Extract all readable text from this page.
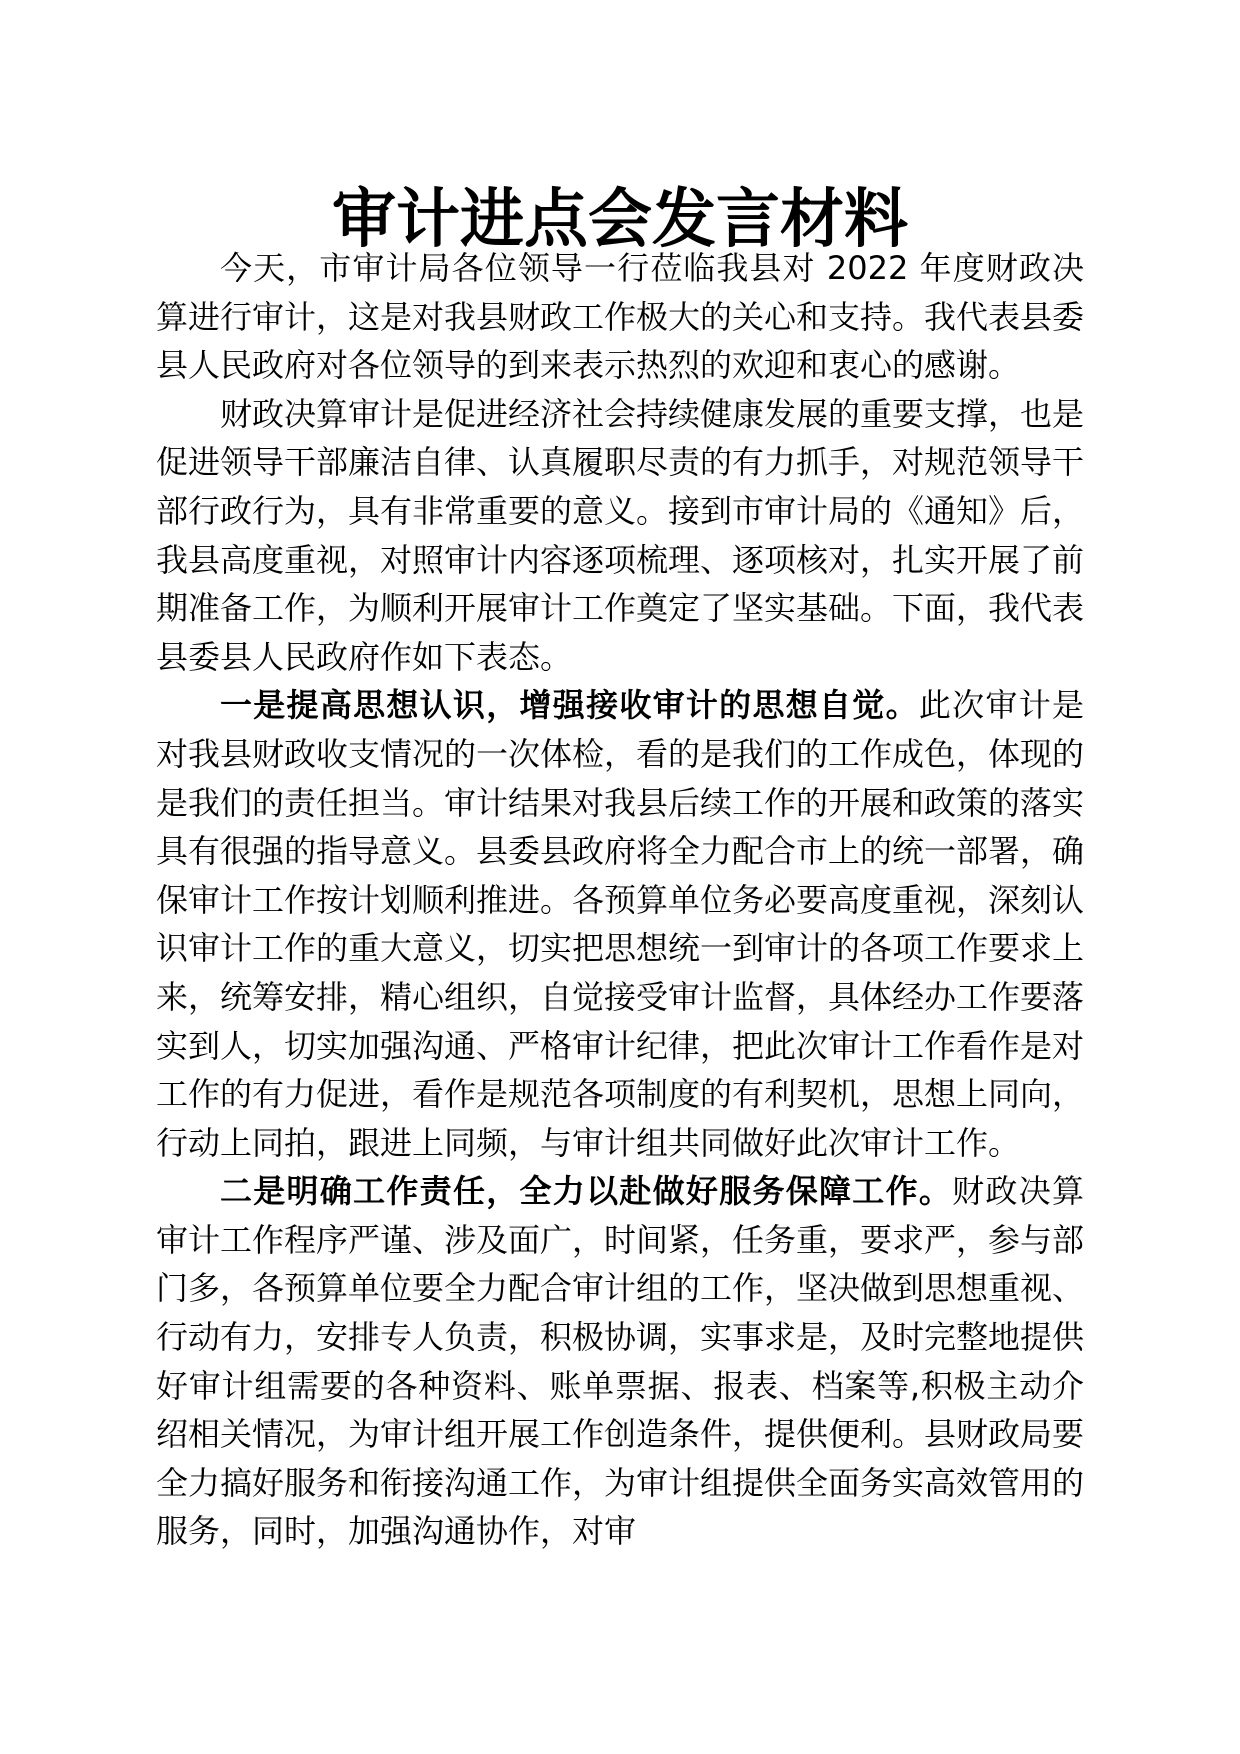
审计进点会发言材料

今天，市审计局各位领导一行莅临我县对 2022 年度财政决算进行审计，这是对我县财政工作极大的关心和支持。我代表县委县人民政府对各位领导的到来表示热烈的欢迎和衷心的感谢。

财政决算审计是促进经济社会持续健康发展的重要支撑，也是促进领导干部廉洁自律、认真履职尽责的有力抓手，对规范领导干部行政行为，具有非常重要的意义。接到市审计局的《通知》后，我县高度重视，对照审计内容逐项梳理、逐项核对，扎实开展了前期准备工作，为顺利开展审计工作奠定了坚实基础。下面，我代表县委县人民政府作如下表态。

一是提高思想认识，增强接收审计的思想自觉。此次审计是对我县财政收支情况的一次体检，看的是我们的工作成色，体现的是我们的责任担当。审计结果对我县后续工作的开展和政策的落实具有很强的指导意义。县委县政府将全力配合市上的统一部署，确保审计工作按计划顺利推进。各预算单位务必要高度重视，深刻认识审计工作的重大意义，切实把思想统一到审计的各项工作要求上来，统筹安排，精心组织，自觉接受审计监督，具体经办工作要落实到人，切实加强沟通、严格审计纪律，把此次审计工作看作是对工作的有力促进，看作是规范各项制度的有利契机，思想上同向，行动上同拍，跟进上同频，与审计组共同做好此次审计工作。

二是明确工作责任，全力以赴做好服务保障工作。财政决算审计工作程序严谨、涉及面广，时间紧，任务重，要求严，参与部门多，各预算单位要全力配合审计组的工作，坚决做到思想重视、行动有力，安排专人负责，积极协调，实事求是，及时完整地提供好审计组需要的各种资料、账单票据、报表、档案等,积极主动介绍相关情况，为审计组开展工作创造条件，提供便利。县财政局要全力搞好服务和衔接沟通工作，为审计组提供全面务实高效管用的服务，同时，加强沟通协作，对审
